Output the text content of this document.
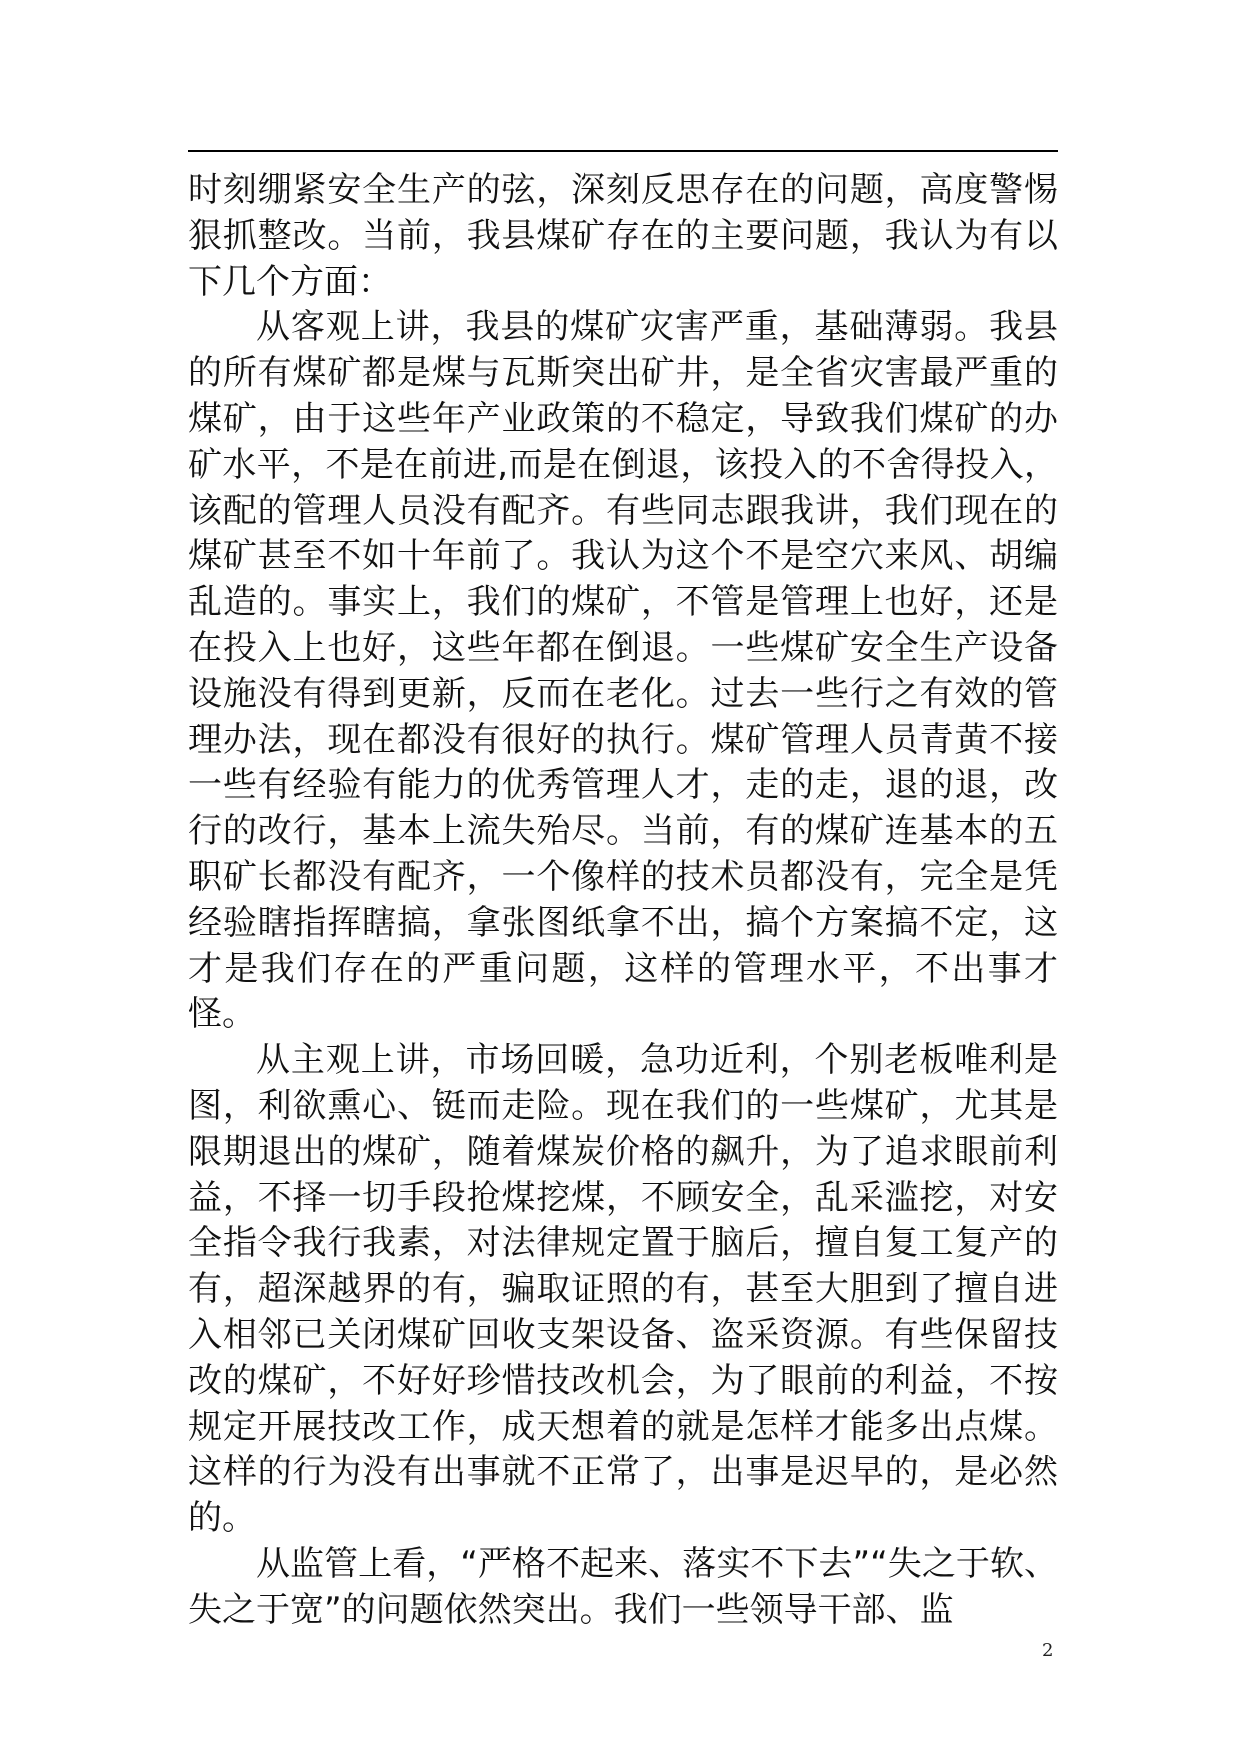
时刻绷紧安全生产的弦，深刻反思存在的问题，高度警惕狠抓整改。当前，我县煤矿存在的主要问题，我认为有以下几个方面：

从客观上讲，我县的煤矿灾害严重，基础薄弱。我县的所有煤矿都是煤与瓦斯突出矿井，是全省灾害最严重的煤矿，由于这些年产业政策的不稳定，导致我们煤矿的办矿水平，不是在前进,而是在倒退，该投入的不舍得投入，该配的管理人员没有配齐。有些同志跟我讲，我们现在的煤矿甚至不如十年前了。我认为这个不是空穴来风、胡编乱造的。事实上，我们的煤矿，不管是管理上也好，还是在投入上也好，这些年都在倒退。一些煤矿安全生产设备设施没有得到更新，反而在老化。过去一些行之有效的管理办法，现在都没有很好的执行。煤矿管理人员青黄不接一些有经验有能力的优秀管理人才，走的走，退的退，改行的改行，基本上流失殆尽。当前，有的煤矿连基本的五职矿长都没有配齐，一个像样的技术员都没有，完全是凭经验瞎指挥瞎搞，拿张图纸拿不出，搞个方案搞不定，这才是我们存在的严重问题，这样的管理水平，不出事才怪。

从主观上讲，市场回暖，急功近利，个别老板唯利是图，利欲熏心、铤而走险。现在我们的一些煤矿，尤其是限期退出的煤矿，随着煤炭价格的飙升，为了追求眼前利益，不择一切手段抢煤挖煤，不顾安全，乱采滥挖，对安全指令我行我素，对法律规定置于脑后，擅自复工复产的有，超深越界的有，骗取证照的有，甚至大胆到了擅自进入相邻已关闭煤矿回收支架设备、盗采资源。有些保留技改的煤矿，不好好珍惜技改机会，为了眼前的利益，不按规定开展技改工作，成天想着的就是怎样才能多出点煤。这样的行为没有出事就不正常了，出事是迟早的，是必然的。

从监管上看，“严格不起来、落实不下去”“失之于软、失之于宽”的问题依然突出。我们一些领导干部、监

2
